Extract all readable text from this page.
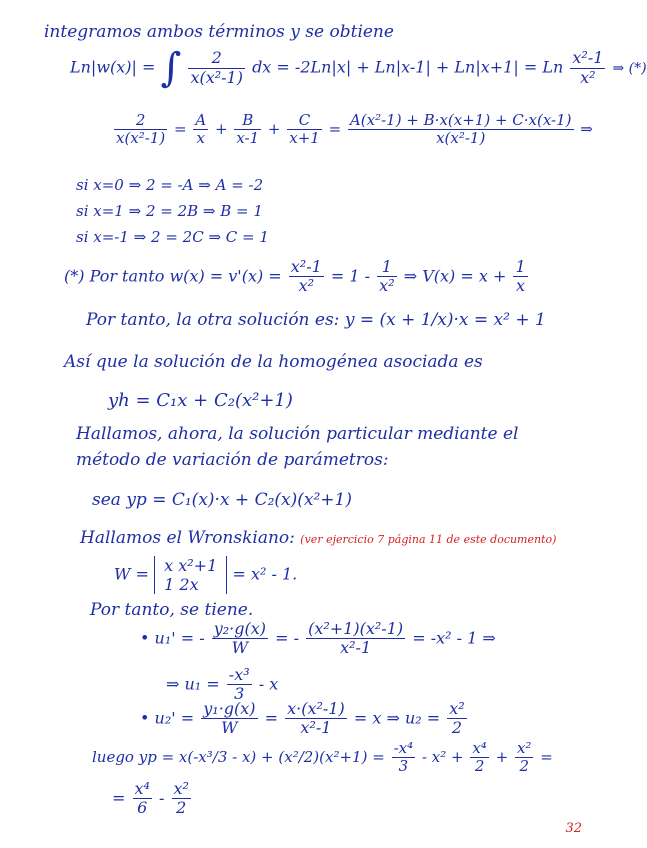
integramos ambos términos y se obtiene
Ln|w(x)| = ∫ $\frac{2}{\text{x(x²-1)}}$ dx = -2Ln|x| + Ln|x-1| + Ln|x+1| = Ln $\frac{\text{x²-1}}{\text{x²}}$ ⇒ (*)
$\frac{2}{\text{x(x²-1)}} = \frac{A}{x} + \frac{B}{x-1} + \frac{C}{x+1} = \frac{\text{A(x²-1) + B·x(x+1) + C·x(x-1)}}{\text{x(x²-1)}}$ ⇒
si x=0 ⇒ 2 = -A ⇒ A = -2
si x=1 ⇒ 2 = 2B ⇒ B = 1
si x=-1 ⇒ 2 = 2C ⇒ C = 1
(*) Por tanto $w(x) = v'(x) = \frac{\text{x²-1}}{\text{x²}} = 1 - \frac{1}{\text{x²}}$ ⇒ $V(x) = x + \frac{1}{x}$
Por tanto, la otra solución es: y = (x + 1/x)·x = x² + 1
Así que la solución de la homogénea asociada es
yh = C₁x + C₂(x²+1)
Hallamos, ahora, la solución particular mediante el
método de variación de parámetros:
sea yp = C₁(x)·x + C₂(x)(x²+1)
Hallamos el Wronskiano: (ver ejercicio 7 página 11 de este documento)
W = x x²+1
1 2x
= x² - 1.
Por tanto, se tiene.
• u₁' = - $\frac{\text{y₂·g(x)}}{W}$ = - $\frac{\text{(x²+1)(x²-1)}}{\text{x²-1}} = -x^2 - 1$ ⇒
⇒ $u_1 = \frac{\text{-x³}}{3} - x$
• $u_2' = \frac{\text{y₁·g(x)}}{W} = \frac{\text{x·(x²-1)}}{\text{x²-1}} = x$ ⇒ $u_2 = \frac{\text{x²}}{2}$
luego yp = $x(-x^3/3 - x) + (x^2/2)(x^2+1) = \frac{\text{-x⁴}}{3} - x^2 + \frac{\text{x⁴}}{2} + \frac{\text{x²}}{2}$ =
= $\frac{\text{x⁴}}{6} - \frac{\text{x²}}{2}$
32
